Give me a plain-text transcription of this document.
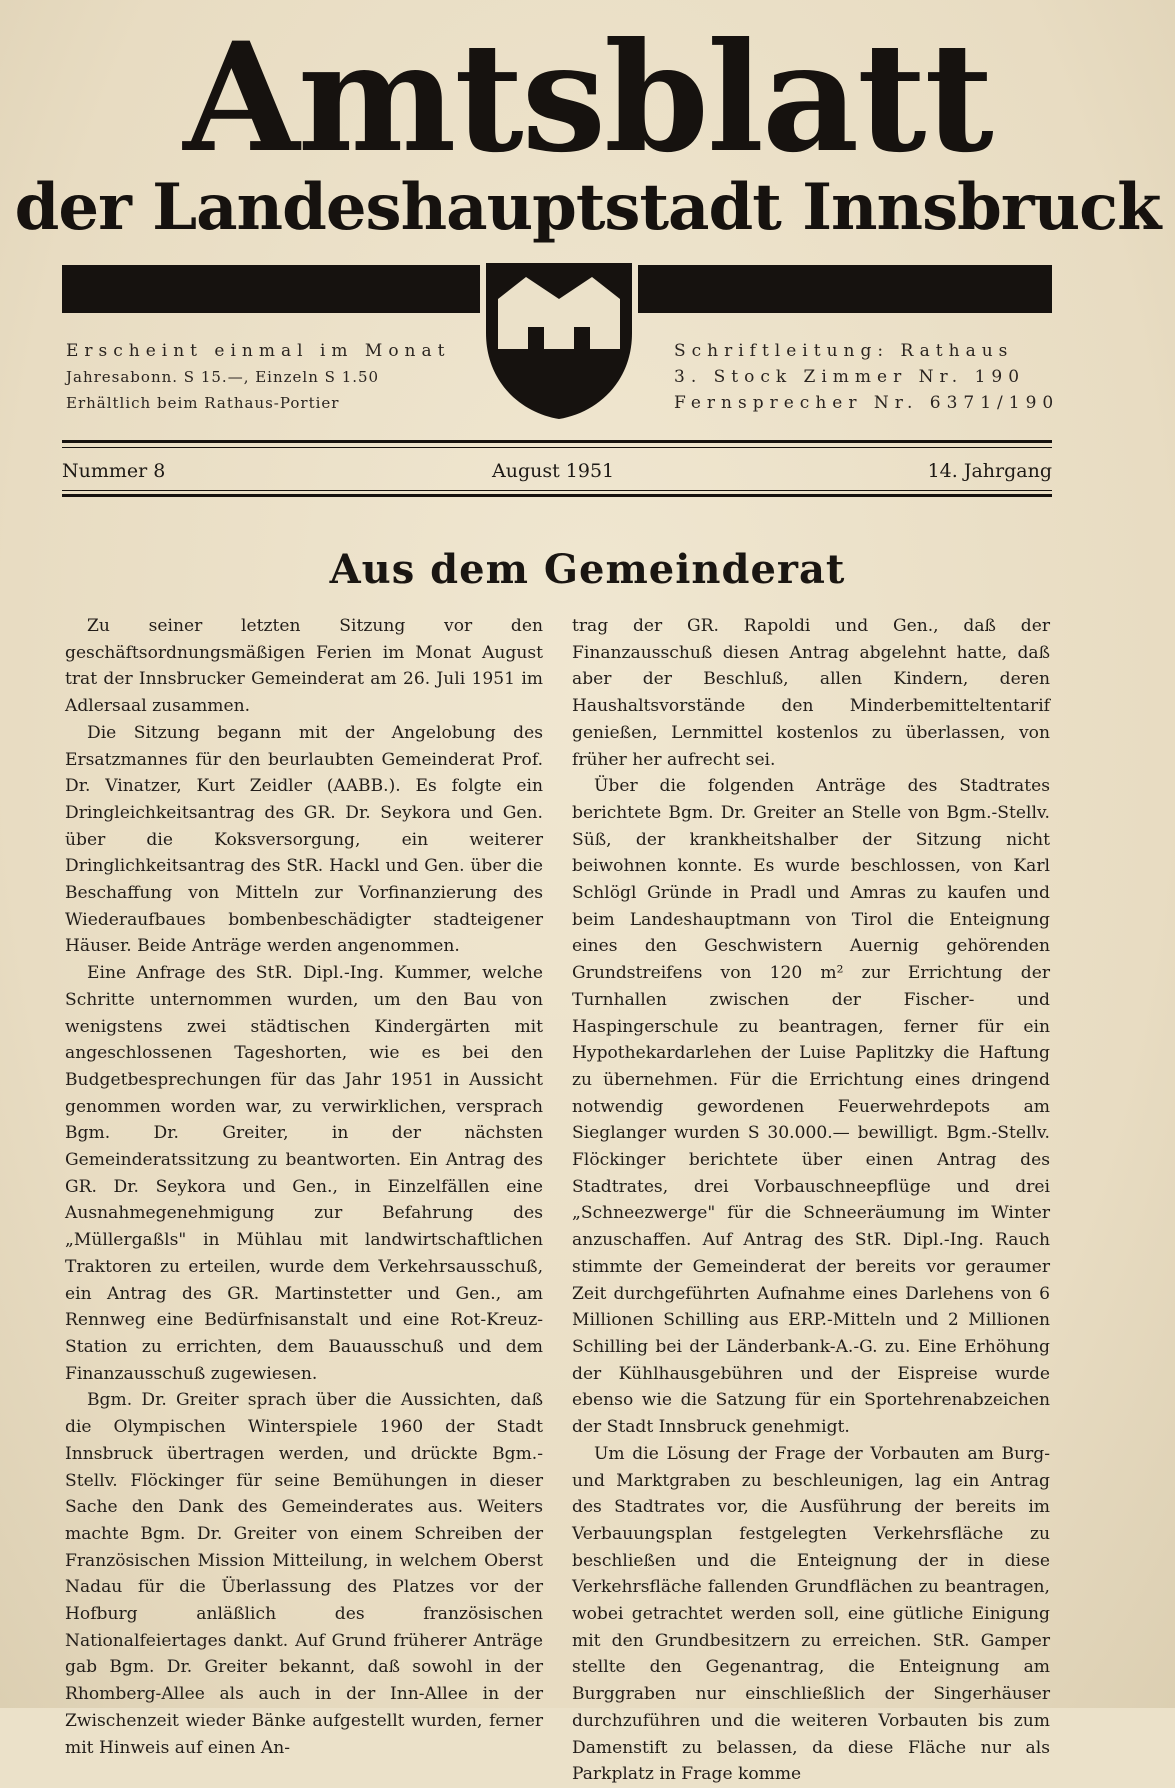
Amtsblatt
der Landeshauptstadt Innsbruck
Erscheint einmal im Monat
Jahresabonn. S 15.—, Einzeln S 1.50
Erhältlich beim Rathaus-Portier
Schriftleitung: Rathaus
3. Stock Zimmer Nr. 190
Fernsprecher Nr. 6371/190
Nummer 8	August 1951	14. Jahrgang
Aus dem Gemeinderat

Zu seiner letzten Sitzung vor den geschäftsordnungsmäßigen Ferien im Monat August trat der Innsbrucker Gemeinderat am 26. Juli 1951 im Adlersaal zusammen.

Die Sitzung begann mit der Angelobung des Ersatzmannes für den beurlaubten Gemeinderat Prof. Dr. Vinatzer, Kurt Zeidler (AABB.). Es folgte ein Dringleichkeitsantrag des GR. Dr. Seykora und Gen. über die Koksversorgung, ein weiterer Dringlichkeitsantrag des StR. Hackl und Gen. über die Beschaffung von Mitteln zur Vorfinanzierung des Wiederaufbaues bombenbeschädigter stadteigener Häuser. Beide Anträge werden angenommen.

Eine Anfrage des StR. Dipl.-Ing. Kummer, welche Schritte unternommen wurden, um den Bau von wenigstens zwei städtischen Kindergärten mit angeschlossenen Tageshorten, wie es bei den Budgetbesprechungen für das Jahr 1951 in Aussicht genommen worden war, zu verwirklichen, versprach Bgm. Dr. Greiter, in der nächsten Gemeinderatssitzung zu beantworten. Ein Antrag des GR. Dr. Seykora und Gen., in Einzelfällen eine Ausnahmegenehmigung zur Befahrung des „Müllergaßls" in Mühlau mit landwirtschaftlichen Traktoren zu erteilen, wurde dem Verkehrsausschuß, ein Antrag des GR. Martinstetter und Gen., am Rennweg eine Bedürfnisanstalt und eine Rot-Kreuz-Station zu errichten, dem Bauausschuß und dem Finanzausschuß zugewiesen.

Bgm. Dr. Greiter sprach über die Aussichten, daß die Olympischen Winterspiele 1960 der Stadt Innsbruck übertragen werden, und drückte Bgm.-Stellv. Flöckinger für seine Bemühungen in dieser Sache den Dank des Gemeinderates aus. Weiters machte Bgm. Dr. Greiter von einem Schreiben der Französischen Mission Mitteilung, in welchem Oberst Nadau für die Überlassung des Platzes vor der Hofburg anläßlich des französischen Nationalfeiertages dankt. Auf Grund früherer Anträge gab Bgm. Dr. Greiter bekannt, daß sowohl in der Rhomberg-Allee als auch in der Inn-Allee in der Zwischenzeit wieder Bänke aufgestellt wurden, ferner mit Hinweis auf einen An-

trag der GR. Rapoldi und Gen., daß der Finanzausschuß diesen Antrag abgelehnt hatte, daß aber der Beschluß, allen Kindern, deren Haushaltsvorstände den Minderbemitteltentarif genießen, Lernmittel kostenlos zu überlassen, von früher her aufrecht sei.

Über die folgenden Anträge des Stadtrates berichtete Bgm. Dr. Greiter an Stelle von Bgm.-Stellv. Süß, der krankheitshalber der Sitzung nicht beiwohnen konnte. Es wurde beschlossen, von Karl Schlögl Gründe in Pradl und Amras zu kaufen und beim Landeshauptmann von Tirol die Enteignung eines den Geschwistern Auernig gehörenden Grundstreifens von 120 m² zur Errichtung der Turnhallen zwischen der Fischer- und Haspingerschule zu beantragen, ferner für ein Hypothekardarlehen der Luise Paplitzky die Haftung zu übernehmen. Für die Errichtung eines dringend notwendig gewordenen Feuerwehrdepots am Sieglanger wurden S 30.000.— bewilligt. Bgm.-Stellv. Flöckinger berichtete über einen Antrag des Stadtrates, drei Vorbauschneepflüge und drei „Schneezwerge" für die Schneeräumung im Winter anzuschaffen. Auf Antrag des StR. Dipl.-Ing. Rauch stimmte der Gemeinderat der bereits vor geraumer Zeit durchgeführten Aufnahme eines Darlehens von 6 Millionen Schilling aus ERP.-Mitteln und 2 Millionen Schilling bei der Länderbank-A.-G. zu. Eine Erhöhung der Kühlhausgebühren und der Eispreise wurde ebenso wie die Satzung für ein Sportehrenabzeichen der Stadt Innsbruck genehmigt.

Um die Lösung der Frage der Vorbauten am Burg- und Marktgraben zu beschleunigen, lag ein Antrag des Stadtrates vor, die Ausführung der bereits im Verbauungsplan festgelegten Verkehrsfläche zu beschließen und die Enteignung der in diese Verkehrsfläche fallenden Grundflächen zu beantragen, wobei getrachtet werden soll, eine gütliche Einigung mit den Grundbesitzern zu erreichen. StR. Gamper stellte den Gegenantrag, die Enteignung am Burggraben nur einschließlich der Singerhäuser durchzuführen und die weiteren Vorbauten bis zum Damenstift zu belassen, da diese Fläche nur als Parkplatz in Frage komme
